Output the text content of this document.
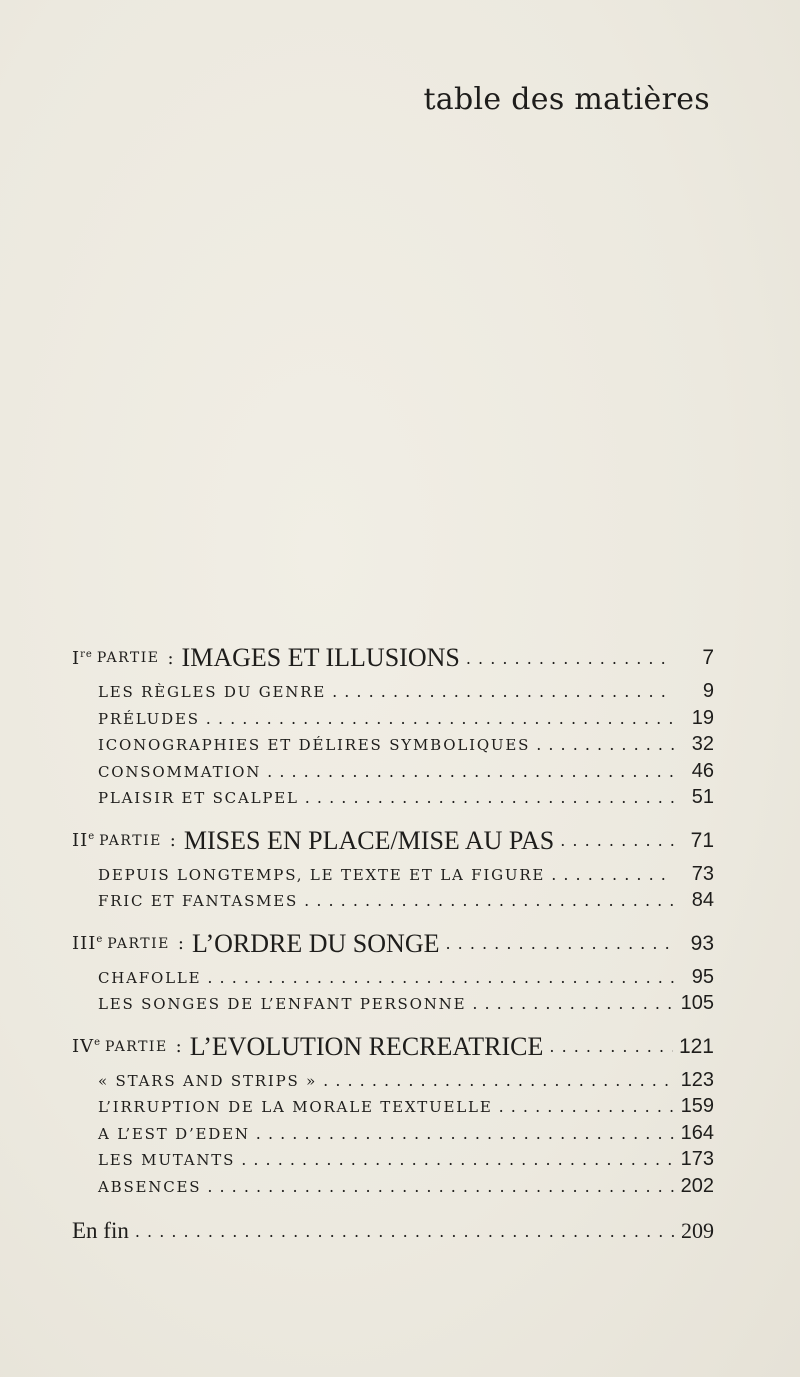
table des matières
Ire PARTIE : IMAGES ET ILLUSIONS . . .	7
LES RÈGLES DU GENRE . . .	9
PRÉLUDES . . .	19
ICONOGRAPHIES ET DÉLIRES SYMBOLIQUES . . .	32
CONSOMMATION . . .	46
PLAISIR ET SCALPEL . . .	51
IIe PARTIE : MISES EN PLACE/MISE AU PAS . . .	71
DEPUIS LONGTEMPS, LE TEXTE ET LA FIGURE . . .	73
FRIC ET FANTASMES . . .	84
IIIe PARTIE : L’ORDRE DU SONGE . . .	93
CHAFOLLE . . .	95
LES SONGES DE L’ENFANT PERSONNE . . .	105
IVe PARTIE : L’EVOLUTION RECREATRICE . . .	121
« STARS AND STRIPS » . . .	123
L’IRRUPTION DE LA MORALE TEXTUELLE . . .	159
A L’EST D’EDEN . . .	164
LES MUTANTS . . .	173
ABSENCES . . .	202
En fin . . .	209
